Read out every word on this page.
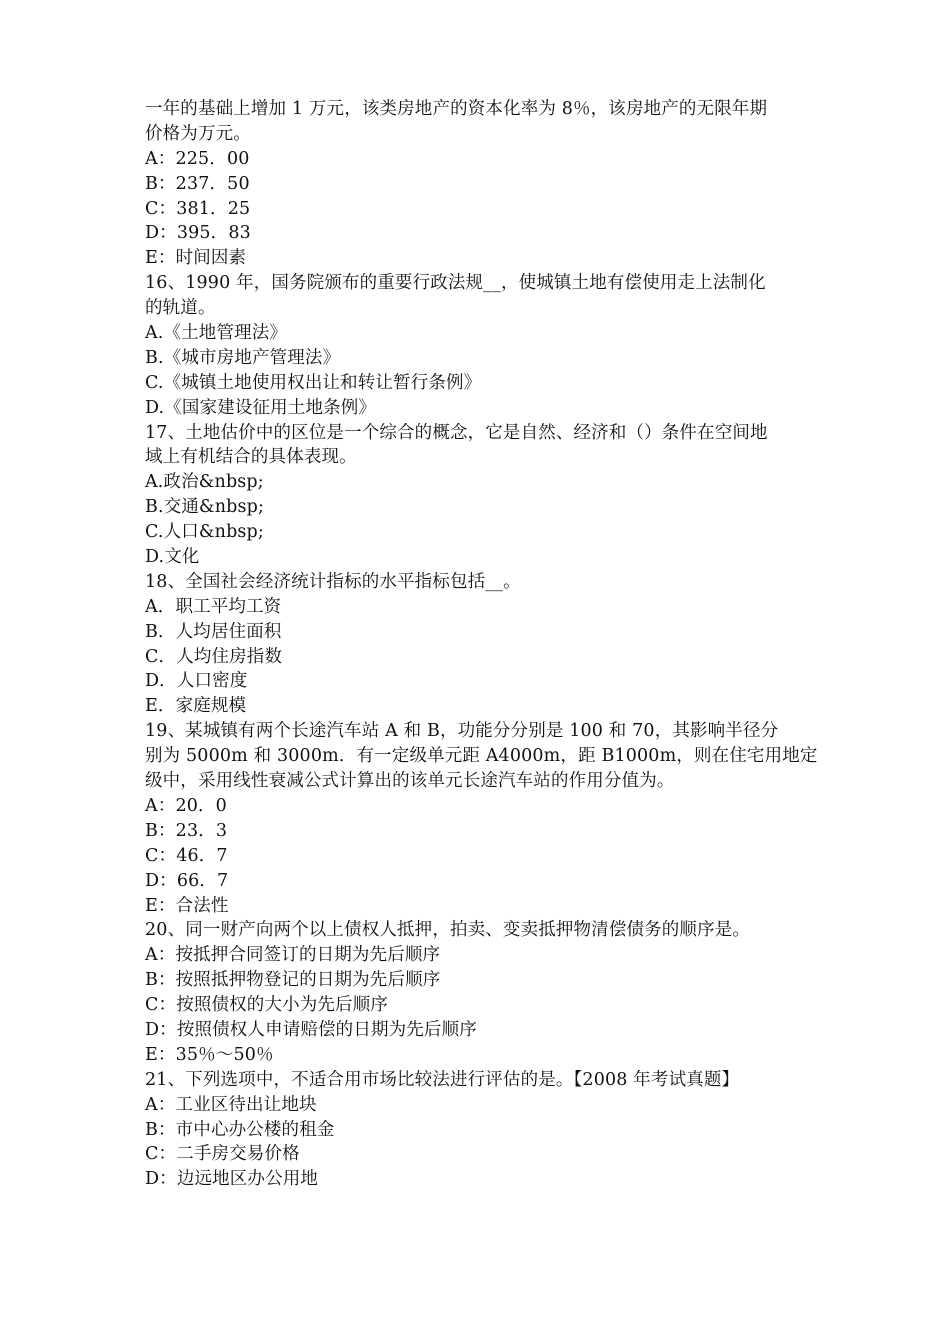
一年的基础上增加 1 万元，该类房地产的资本化率为 8％，该房地产的无限年期
价格为万元。
A：225．00
B：237．50
C：381．25
D：395．83
E：时间因素
16、1990 年，国务院颁布的重要行政法规__，使城镇土地有偿使用走上法制化
的轨道。
A.《土地管理法》
B.《城市房地产管理法》
C.《城镇土地使用权出让和转让暂行条例》
D.《国家建设征用土地条例》
17、土地估价中的区位是一个综合的概念，它是自然、经济和（）条件在空间地
域上有机结合的具体表现。
A.政治&nbsp;
B.交通&nbsp;
C.人口&nbsp;
D.文化
18、全国社会经济统计指标的水平指标包括__。
A．职工平均工资
B．人均居住面积
C．人均住房指数
D．人口密度
E．家庭规模
19、某城镇有两个长途汽车站 A 和 B，功能分分别是 100 和 70，其影响半径分
别为 5000m 和 3000m．有一定级单元距 A4000m，距 B1000m，则在住宅用地定
级中，采用线性衰减公式计算出的该单元长途汽车站的作用分值为。
A：20．0
B：23．3
C：46．7
D：66．7
E：合法性
20、同一财产向两个以上债权人抵押，拍卖、变卖抵押物清偿债务的顺序是。
A：按抵押合同签订的日期为先后顺序
B：按照抵押物登记的日期为先后顺序
C：按照债权的大小为先后顺序
D：按照债权人申请赔偿的日期为先后顺序
E：35％～50％
21、下列选项中，不适合用市场比较法进行评估的是。【2008 年考试真题】
A：工业区待出让地块
B：市中心办公楼的租金
C：二手房交易价格
D：边远地区办公用地
